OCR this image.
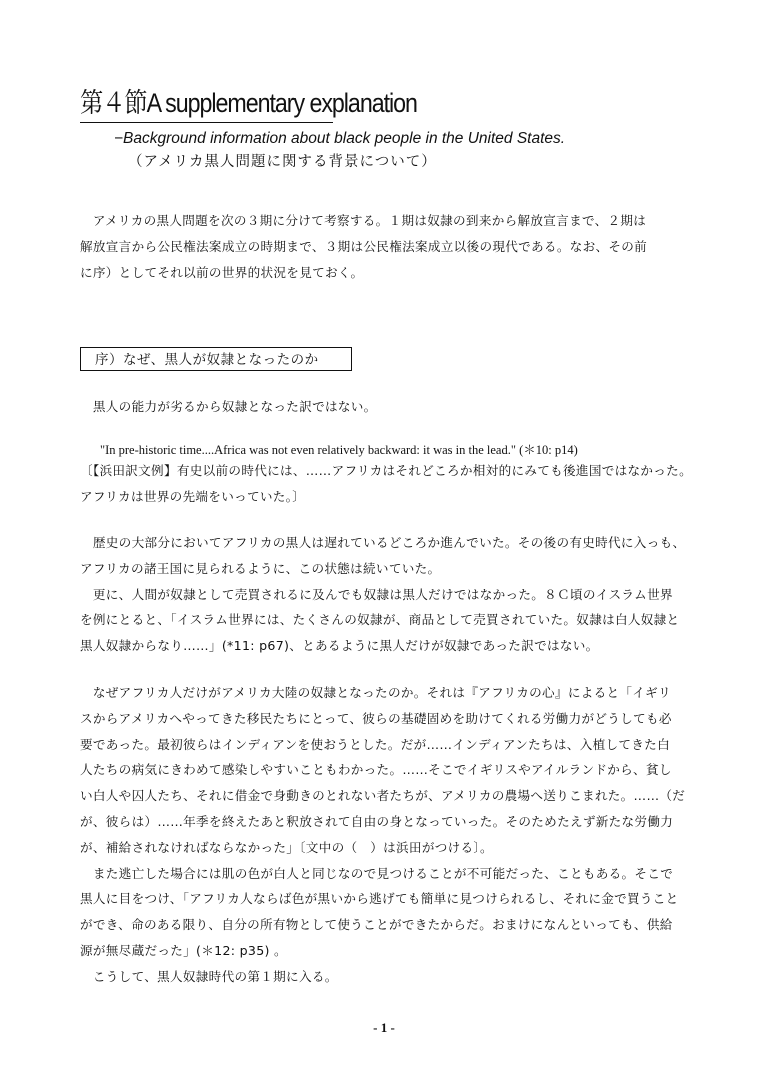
第４節A supplementary explanation
−Background information about black people in the United States.
（アメリカ黒人問題に関する背景について）

　アメリカの黒人問題を次の３期に分けて考察する。１期は奴隷の到来から解放宣言まで、２期は
解放宣言から公民権法案成立の時期まで、３期は公民権法案成立以後の現代である。なお、その前
に序）としてそれ以前の世界的状況を見ておく。

序）なぜ、黒人が奴隷となったのか

　黒人の能力が劣るから奴隷となった訳ではない。

"In pre-historic time....Africa was not even relatively backward: it was in the lead." (＊10: p14)

〔【浜田訳文例】有史以前の時代には、……アフリカはそれどころか相対的にみても後進国ではなかった。
アフリカは世界の先端をいっていた。〕

　歴史の大部分においてアフリカの黒人は遅れているどころか進んでいた。その後の有史時代に入っも、
アフリカの諸王国に見られるように、この状態は続いていた。
　更に、人間が奴隷として売買されるに及んでも奴隷は黒人だけではなかった。８Ｃ頃のイスラム世界
を例にとると、「イスラム世界には、たくさんの奴隷が、商品として売買されていた。奴隷は白人奴隷と
黒人奴隷からなり……」(*11: p67)、とあるように黒人だけが奴隷であった訳ではない。

　なぜアフリカ人だけがアメリカ大陸の奴隷となったのか。それは『アフリカの心』によると「イギリ
スからアメリカへやってきた移民たちにとって、彼らの基礎固めを助けてくれる労働力がどうしても必
要であった。最初彼らはインディアンを使おうとした。だが……インディアンたちは、入植してきた白
人たちの病気にきわめて感染しやすいこともわかった。……そこでイギリスやアイルランドから、貧し
い白人や囚人たち、それに借金で身動きのとれない者たちが、アメリカの農場へ送りこまれた。……（だ
が、彼らは）……年季を終えたあと釈放されて自由の身となっていった。そのためたえず新たな労働力
が、補給されなければならなかった」〔文中の（　）は浜田がつける〕。
　また逃亡した場合には肌の色が白人と同じなので見つけることが不可能だった、こともある。そこで
黒人に目をつけ、「アフリカ人ならば色が黒いから逃げても簡単に見つけられるし、それに金で買うこと
ができ、命のある限り、自分の所有物として使うことができたからだ。おまけになんといっても、供給
源が無尽蔵だった」(＊12: p35) 。
　こうして、黒人奴隷時代の第１期に入る。

- 1 -
